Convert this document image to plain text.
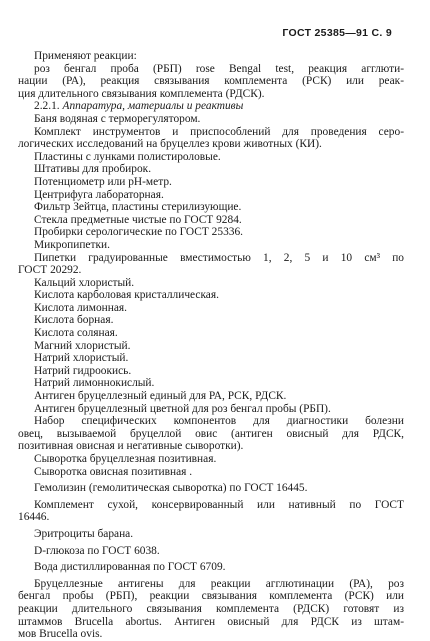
ГОСТ 25385—91 С. 9
Применяют реакции:
роз бенгал проба (РБП) rose Bengal test, реакция агглюти-
нации (РА), реакция связывания комплемента (РСК) или реак-
ция длительного связывания комплемента (РДСК).
2.2.1. Аппаратура, материалы и реактивы
Баня водяная с терморегулятором.
Комплект инструментов и приспособлений для проведения серо-
логических исследований на бруцеллез крови животных (КИ).
Пластины с лунками полистироловые.
Штативы для пробирок.
Потенциометр или рН-метр.
Центрифуга лабораторная.
Фильтр Зейтца, пластины стерилизующие.
Стекла предметные чистые по ГОСТ 9284.
Пробирки серологические по ГОСТ 25336.
Микропипетки.
Пипетки градуированные вместимостью 1, 2, 5 и 10 см³ по
ГОСТ 20292.
Кальций хлористый.
Кислота карболовая кристаллическая.
Кислота лимонная.
Кислота борная.
Кислота соляная.
Магний хлористый.
Натрий хлористый.
Натрий гидроокись.
Натрий лимоннокислый.
Антиген бруцеллезный единый для РА, РСК, РДСК.
Антиген бруцеллезный цветной для роз бенгал пробы (РБП).
Набор специфических компонентов для диагностики болезни
овец, вызываемой бруцеллой овис (антиген овисный для РДСК,
позитивная овисная и негативные сыворотки).
Сыворотка бруцеллезная позитивная.
Сыворотка овисная позитивная .
Гемолизин (гемолитическая сыворотка) по ГОСТ 16445.
Комплемент сухой, консервированный или нативный по ГОСТ
16446.
Эритроциты барана.
D-глюкоза по ГОСТ 6038.
Вода дистиллированная по ГОСТ 6709.
Бруцеллезные антигены для реакции агглютинации (РА), роз
бенгал пробы (РБП), реакции связывания комплемента (РСК) или
реакции длительного связывания комплемента (РДСК) готовят из
штаммов Brucella abortus. Антиген овисный для РДСК из штам-
мов Brucella ovis.
